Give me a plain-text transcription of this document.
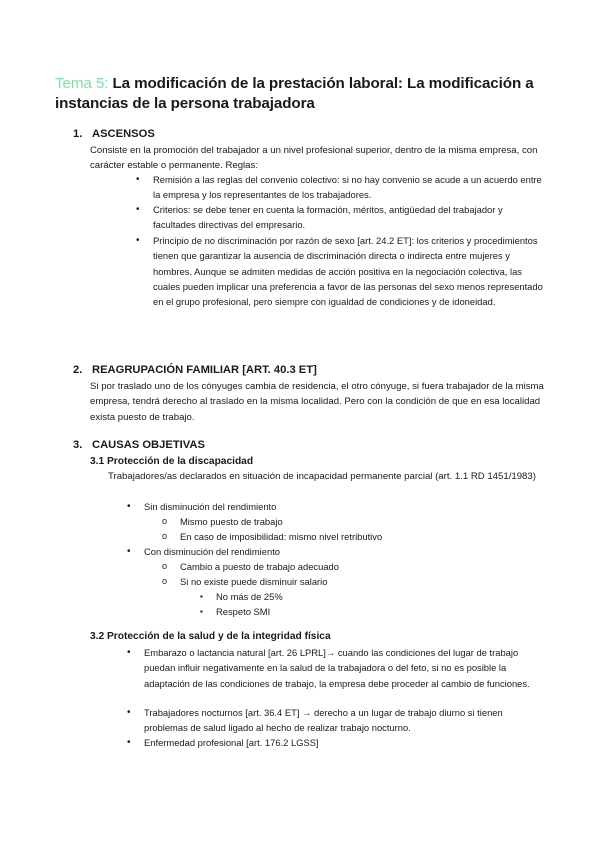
Tema 5: La modificación de la prestación laboral: La modificación a instancias de la persona trabajadora
1. ASCENSOS
Consiste en la promoción del trabajador a un nivel profesional superior, dentro de la misma empresa, con carácter estable o permanente. Reglas:
• Remisión a las reglas del convenio colectivo: si no hay convenio se acude a un acuerdo entre la empresa y los representantes de los trabajadores.
• Criterios: se debe tener en cuenta la formación, méritos, antigüedad del trabajador y facultades directivas del empresario.
• Principio de no discriminación por razón de sexo [art. 24.2 ET]: los criterios y procedimientos tienen que garantizar la ausencia de discriminación directa o indirecta entre mujeres y hombres. Aunque se admiten medidas de acción positiva en la negociación colectiva, las cuales pueden implicar una preferencia a favor de las personas del sexo menos representado en el grupo profesional, pero siempre con igualdad de condiciones y de idoneidad.
2. REAGRUPACIÓN FAMILIAR [ART. 40.3 ET]
Si por traslado uno de los cónyuges cambia de residencia, el otro cónyuge, si fuera trabajador de la misma empresa, tendrá derecho al traslado en la misma localidad. Pero con la condición de que en esa localidad exista puesto de trabajo.
3. CAUSAS OBJETIVAS
3.1 Protección de la discapacidad
Trabajadores/as declarados en situación de incapacidad permanente parcial (art. 1.1 RD 1451/1983)
• Sin disminución del rendimiento
o Mismo puesto de trabajo
o En caso de imposibilidad: mismo nivel retributivo
• Con disminución del rendimiento
o Cambio a puesto de trabajo adecuado
o Si no existe puede disminuir salario
▪ No más de 25%
▪ Respeto SMI
3.2 Protección de la salud y de la integridad física
• Embarazo o lactancia natural [art. 26 LPRL]→ cuando las condiciones del lugar de trabajo puedan influir negativamente en la salud de la trabajadora o del feto, si no es posible la adaptación de las condiciones de trabajo, la empresa debe proceder al cambio de funciones.
• Trabajadores nocturnos [art. 36.4 ET] → derecho a un lugar de trabajo diurno si tienen problemas de salud ligado al hecho de realizar trabajo nocturno.
• Enfermedad profesional [art. 176.2 LGSS]
